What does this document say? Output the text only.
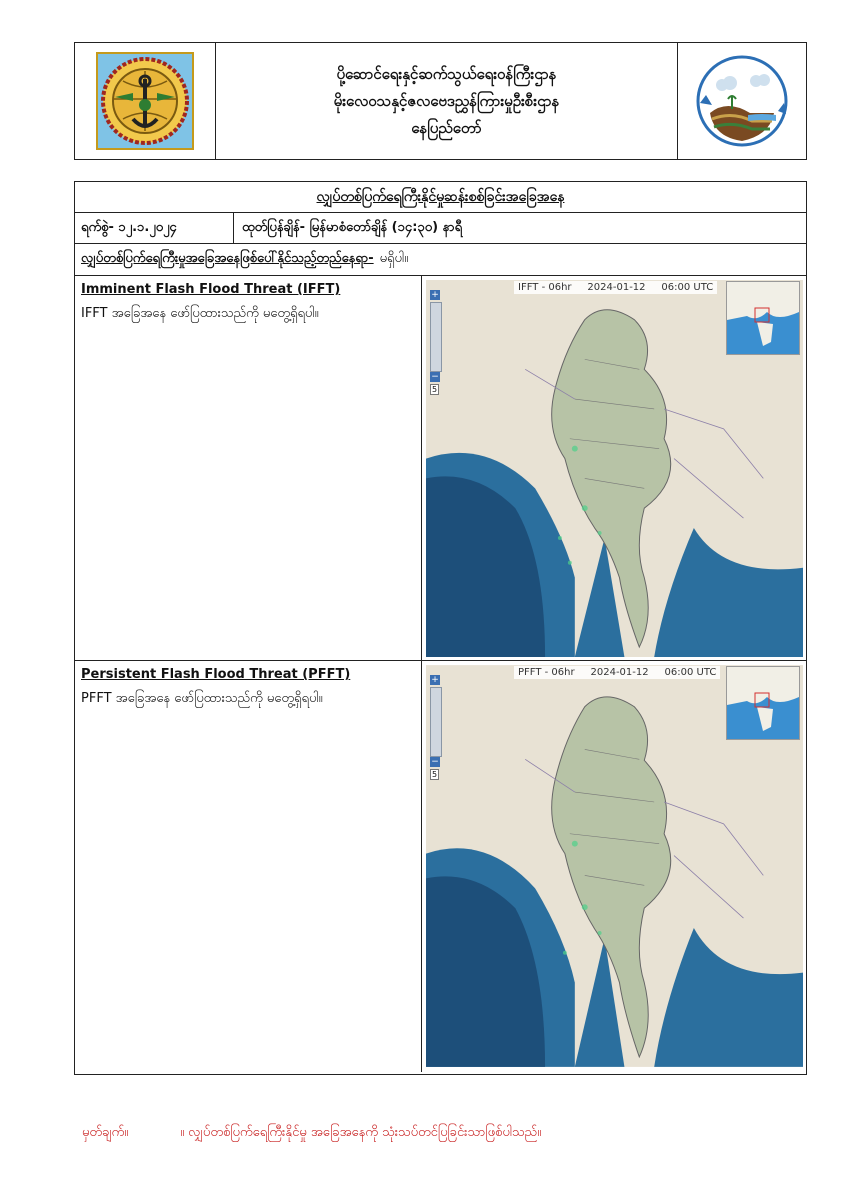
ပို့ဆောင်ရေးနှင့်ဆက်သွယ်ရေးဝန်ကြီးဌာန
မိုးလေဝသနှင့်ဇလဗေဒညွှန်ကြားမှုဦးစီးဌာန
နေပြည်တော်
လျှပ်တစ်ပြက်ရေကြီးနိုင်မှုဆန်းစစ်ခြင်းအခြေအနေ
ရက်စွဲ- ၁၂.၁.၂၀၂၄	ထုတ်ပြန်ချိန်- မြန်မာစံတော်ချိန် (၁၄:၃၀) နာရီ
လျှပ်တစ်ပြက်ရေကြီးမှုအခြေအနေဖြစ်ပေါ်နိုင်သည့်တည်နေရာ- မရှိပါ။
Imminent Flash Flood Threat (IFFT)
IFFT အခြေအနေ ဖော်ပြထားသည်ကို မတွေ့ရှိရပါ။
IFFT - 06hr     2024-01-12     06:00 UTC
+
−
5
Persistent Flash Flood Threat (PFFT)
PFFT အခြေအနေ ဖော်ပြထားသည်ကို မတွေ့ရှိရပါ။
PFFT - 06hr     2024-01-12     06:00 UTC
+
−
5
မှတ်ချက်။	။ လျှပ်တစ်ပြက်ရေကြီးနိုင်မှု အခြေအနေကို သုံးသပ်တင်ပြခြင်းသာဖြစ်ပါသည်။
